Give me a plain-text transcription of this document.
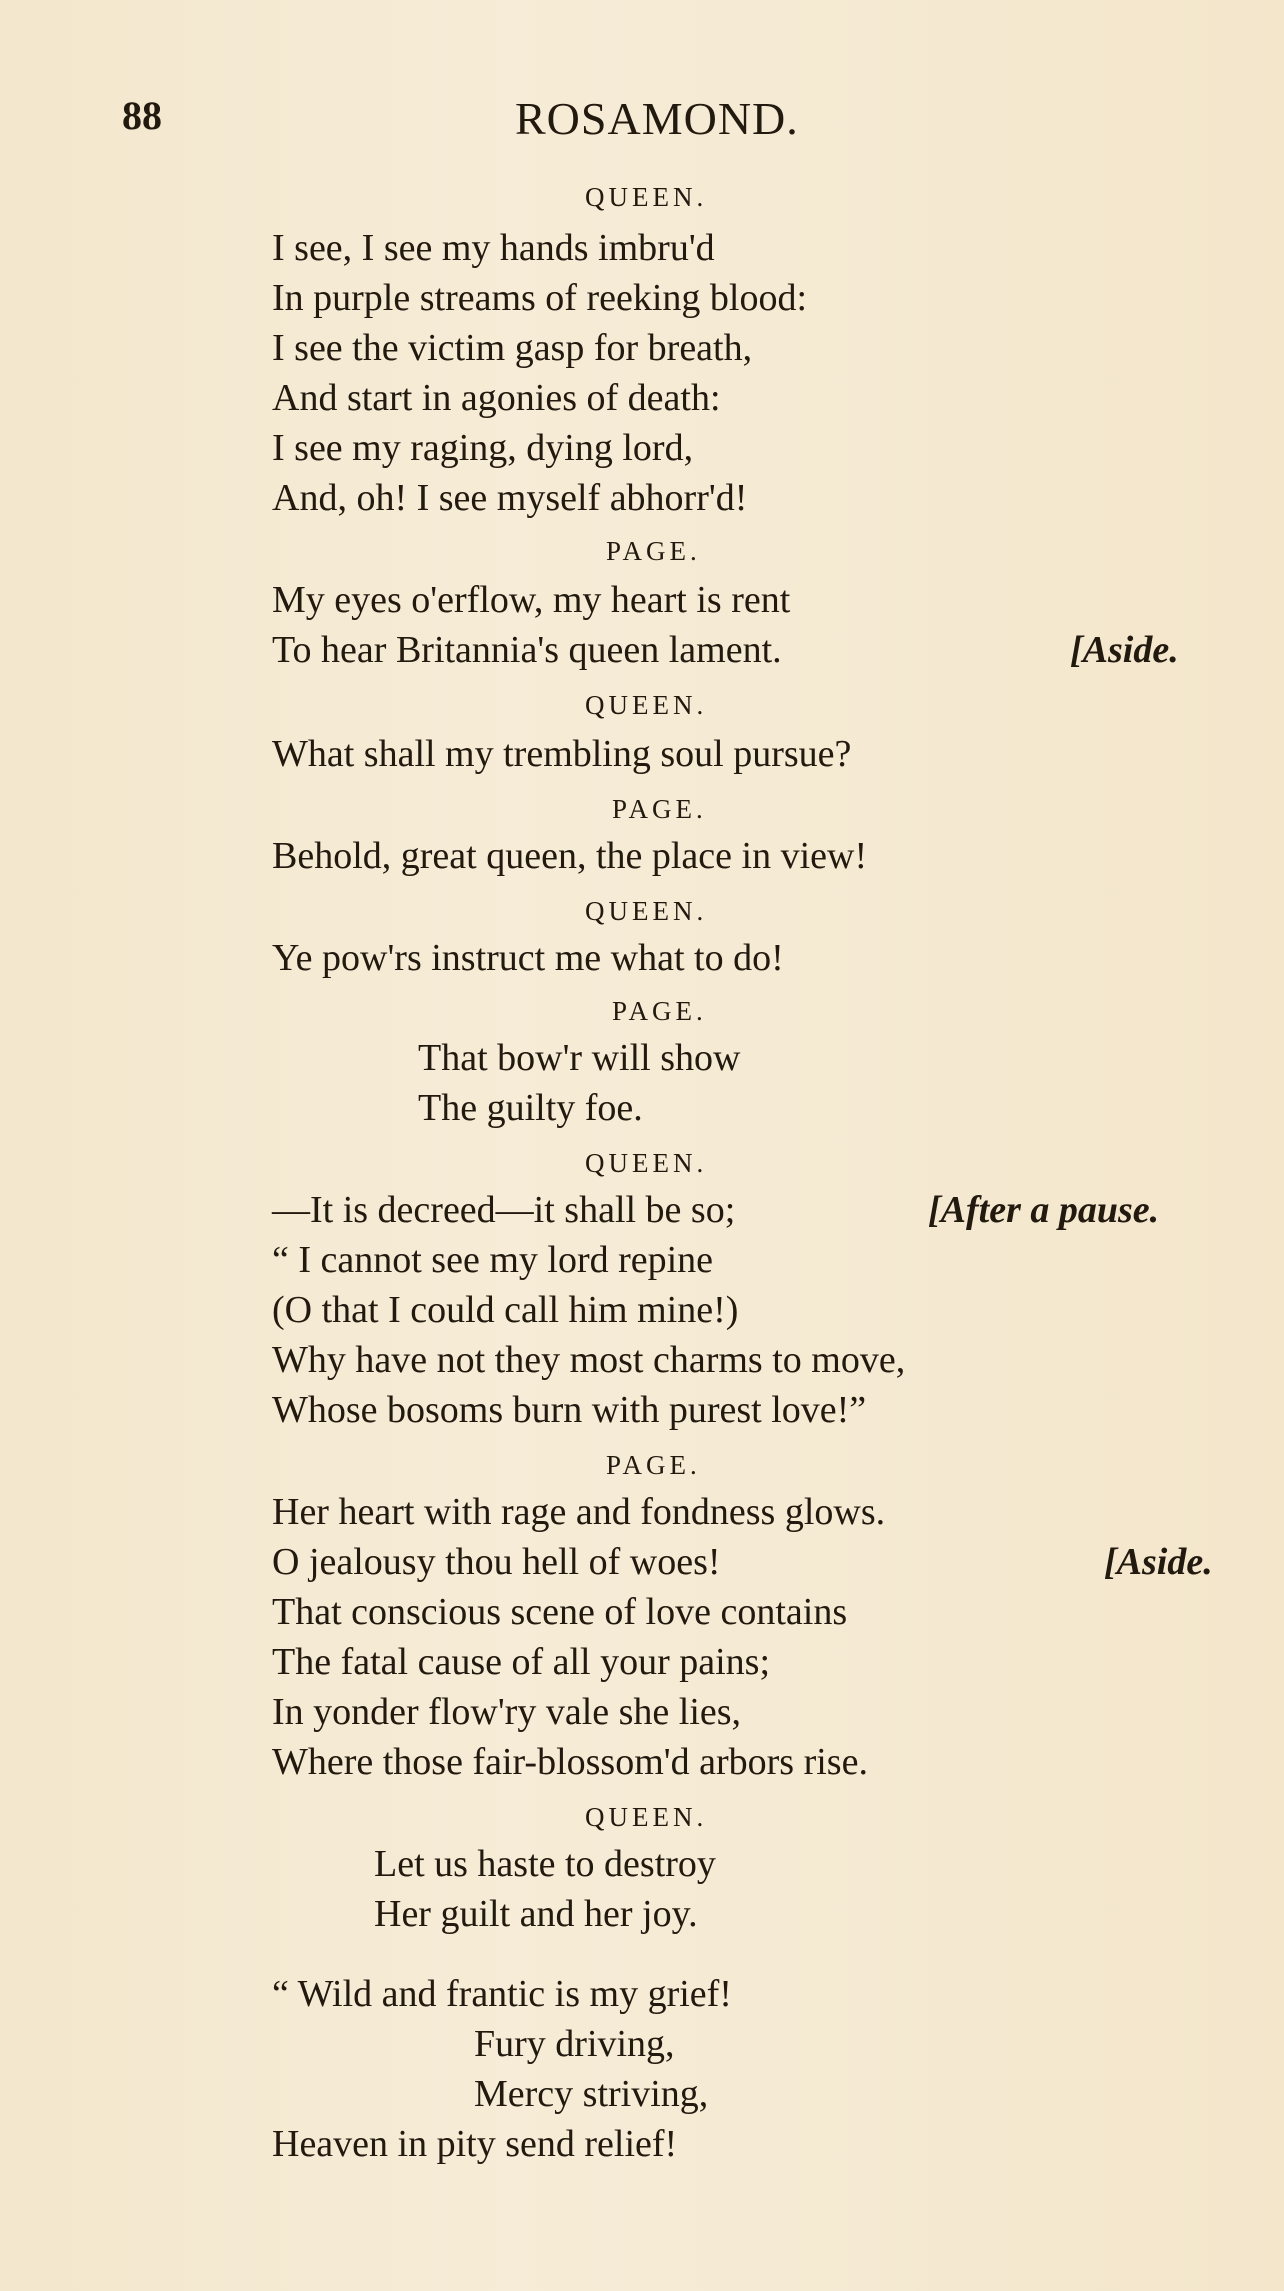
88	ROSAMOND.
QUEEN.
I see, I see my hands imbru'd
In purple streams of reeking blood:
I see the victim gasp for breath,
And start in agonies of death:
I see my raging, dying lord,
And, oh! I see myself abhorr'd!
PAGE.
My eyes o'erflow, my heart is rent
To hear Britannia's queen lament.	[Aside.
QUEEN.
What shall my trembling soul pursue?
PAGE.
Behold, great queen, the place in view!
QUEEN.
Ye pow'rs instruct me what to do!
PAGE.
That bow'r will show
The guilty foe.
QUEEN.
—It is decreed—it shall be so;	[After a pause.
“ I cannot see my lord repine
(O that I could call him mine!)
Why have not they most charms to move,
Whose bosoms burn with purest love!”
PAGE.
Her heart with rage and fondness glows.
O jealousy thou hell of woes!	[Aside.
That conscious scene of love contains
The fatal cause of all your pains;
In yonder flow'ry vale she lies,
Where those fair-blossom'd arbors rise.
QUEEN.
Let us haste to destroy
Her guilt and her joy.
“ Wild and frantic is my grief!
Fury driving,
Mercy striving,
Heaven in pity send relief!
